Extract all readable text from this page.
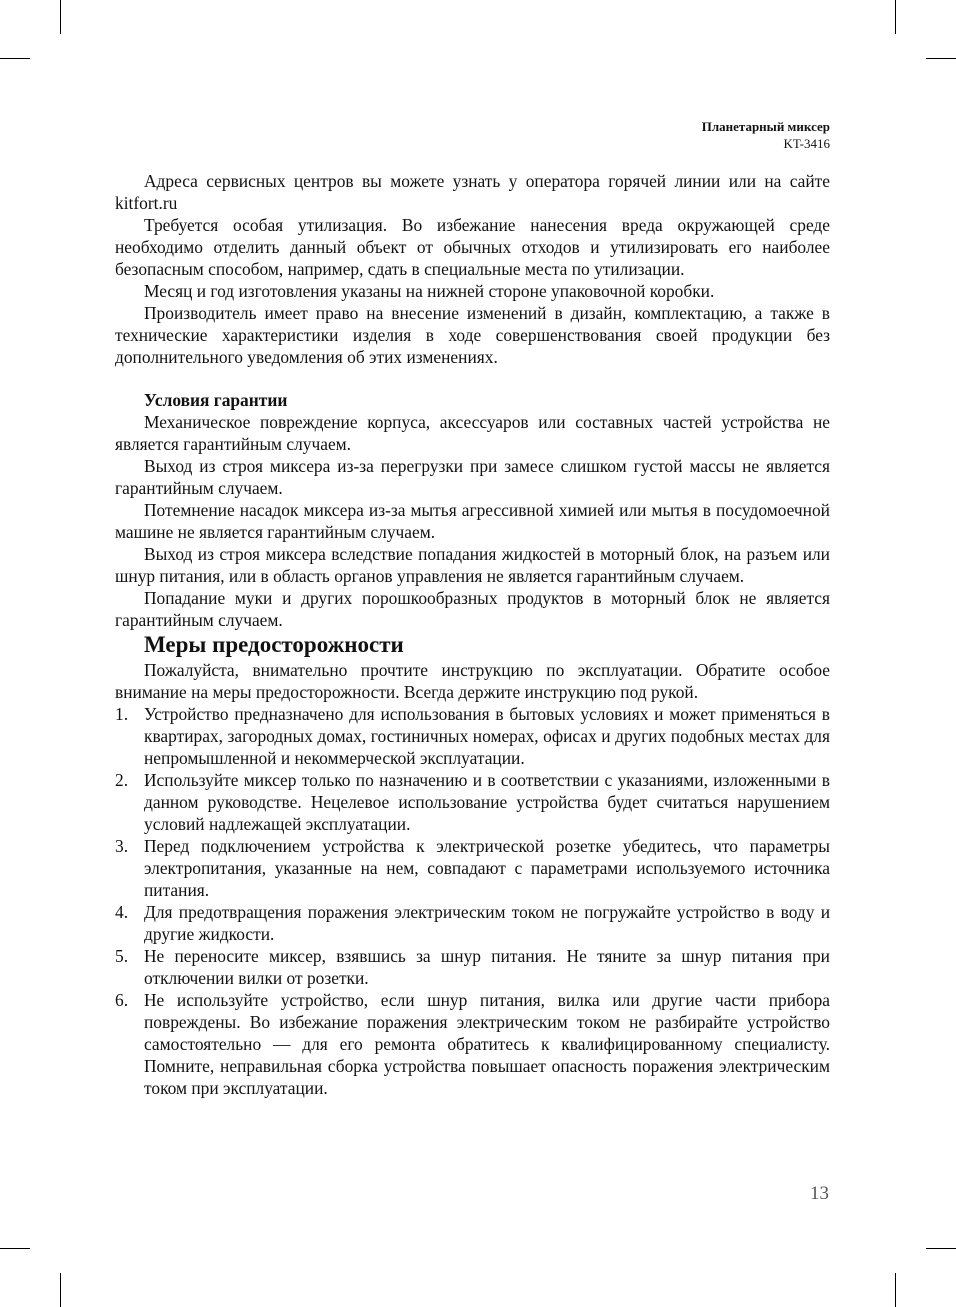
Планетарный миксер
KT-3416

Адреса сервисных центров вы можете узнать у оператора горячей линии или на сайте kitfort.ru

Требуется особая утилизация. Во избежание нанесения вреда окружающей среде необходимо отделить данный объект от обычных отходов и утилизировать его наиболее безопасным способом, например, сдать в специальные места по утилизации.

Месяц и год изготовления указаны на нижней стороне упаковочной коробки.

Производитель имеет право на внесение изменений в дизайн, комплектацию, а также в технические характеристики изделия в ходе совершенствования своей продукции без дополнительного уведомления об этих изменениях.

Условия гарантии

Механическое повреждение корпуса, аксессуаров или составных частей устройства не является гарантийным случаем.

Выход из строя миксера из-за перегрузки при замесе слишком густой массы не является гарантийным случаем.

Потемнение насадок миксера из-за мытья агрессивной химией или мытья в посудомоечной машине не является гарантийным случаем.

Выход из строя миксера вследствие попадания жидкостей в моторный блок, на разъем или шнур питания, или в область органов управления не является гарантийным случаем.

Попадание муки и других порошкообразных продуктов в моторный блок не является гарантийным случаем.

Меры предосторожности

Пожалуйста, внимательно прочтите инструкцию по эксплуатации. Обратите особое внимание на меры предосторожности. Всегда держите инструкцию под рукой.

1. Устройство предназначено для использования в бытовых условиях и может применяться в квартирах, загородных домах, гостиничных номерах, офисах и других подобных местах для непромышленной и некоммерческой эксплуатации.
2. Используйте миксер только по назначению и в соответствии с указаниями, изложенными в данном руководстве. Нецелевое использование устройства будет считаться нарушением условий надлежащей эксплуатации.
3. Перед подключением устройства к электрической розетке убедитесь, что параметры электропитания, указанные на нем, совпадают с параметрами используемого источника питания.
4. Для предотвращения поражения электрическим током не погружайте устройство в воду и другие жидкости.
5. Не переносите миксер, взявшись за шнур питания. Не тяните за шнур питания при отключении вилки от розетки.
6. Не используйте устройство, если шнур питания, вилка или другие части прибора повреждены. Во избежание поражения электрическим током не разбирайте устройство самостоятельно — для его ремонта обратитесь к квалифицированному специалисту. Помните, неправильная сборка устройства повышает опасность поражения электрическим током при эксплуатации.
13
